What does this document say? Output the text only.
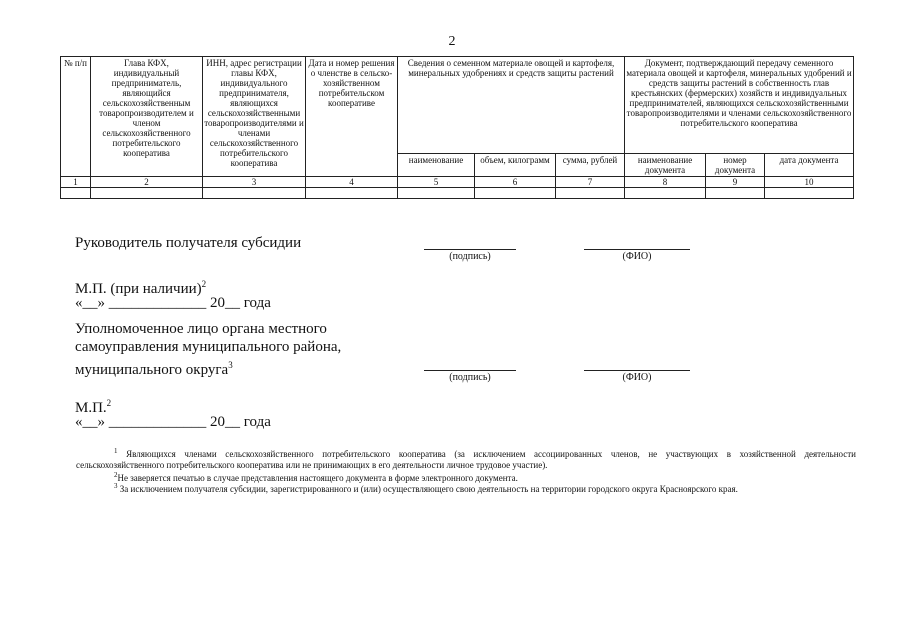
2
№ п/п	Глава КФХ, индивидуальный предприниматель, являющийся сельскохозяйственным товаропроизводителем и членом сельскохозяйственного потребительского кооператива	ИНН, адрес регистрации главы КФХ, индивидуального предпринимателя, являющихся сельскохозяйственными товаропроизводителями и членами сельскохозяйственного потребительского кооператива	Дата и номер решения о членстве в сельско-хозяйственном потребительском кооперативе	Сведения о семенном материале овощей и картофеля, минеральных удобрениях и средств защиты растений			Документ, подтверждающий передачу семенного материала овощей и картофеля, минеральных удобрений и средств защиты растений в собственность глав крестьянских (фермерских) хозяйств и индивидуальных предпринимателей, являющихся сельскохозяйственными товаропроизводителями и членами сельскохозяйственного потребительского кооператива		
				наименование	объем, килограмм	сумма, рублей	наименование документа	номер документа	дата документа
1	2	3	4	5	6	7	8	9	10

Руководитель получателя субсидии
(подпись)	(ФИО)
М.П. (при наличии)$^2$
«__» _____________ 20__ года
Уполномоченное лицо органа местного
самоуправления муниципального района,
муниципального округа$^3$
(подпись)	(ФИО)
М.П.$^2$
«__» _____________ 20__ года
$^1$ Являющихся членами сельскохозяйственного потребительского кооператива (за исключением ассоциированных членов, не участвующих в хозяйственной деятельности сельскохозяйственного потребительского кооператива или не принимающих в его деятельности личное трудовое участие).
$^2$Не заверяется печатью в случае представления настоящего документа в форме электронного документа.
$^3$ За исключением получателя субсидии, зарегистрированного и (или) осуществляющего свою деятельность на территории городского округа Красноярского края.
